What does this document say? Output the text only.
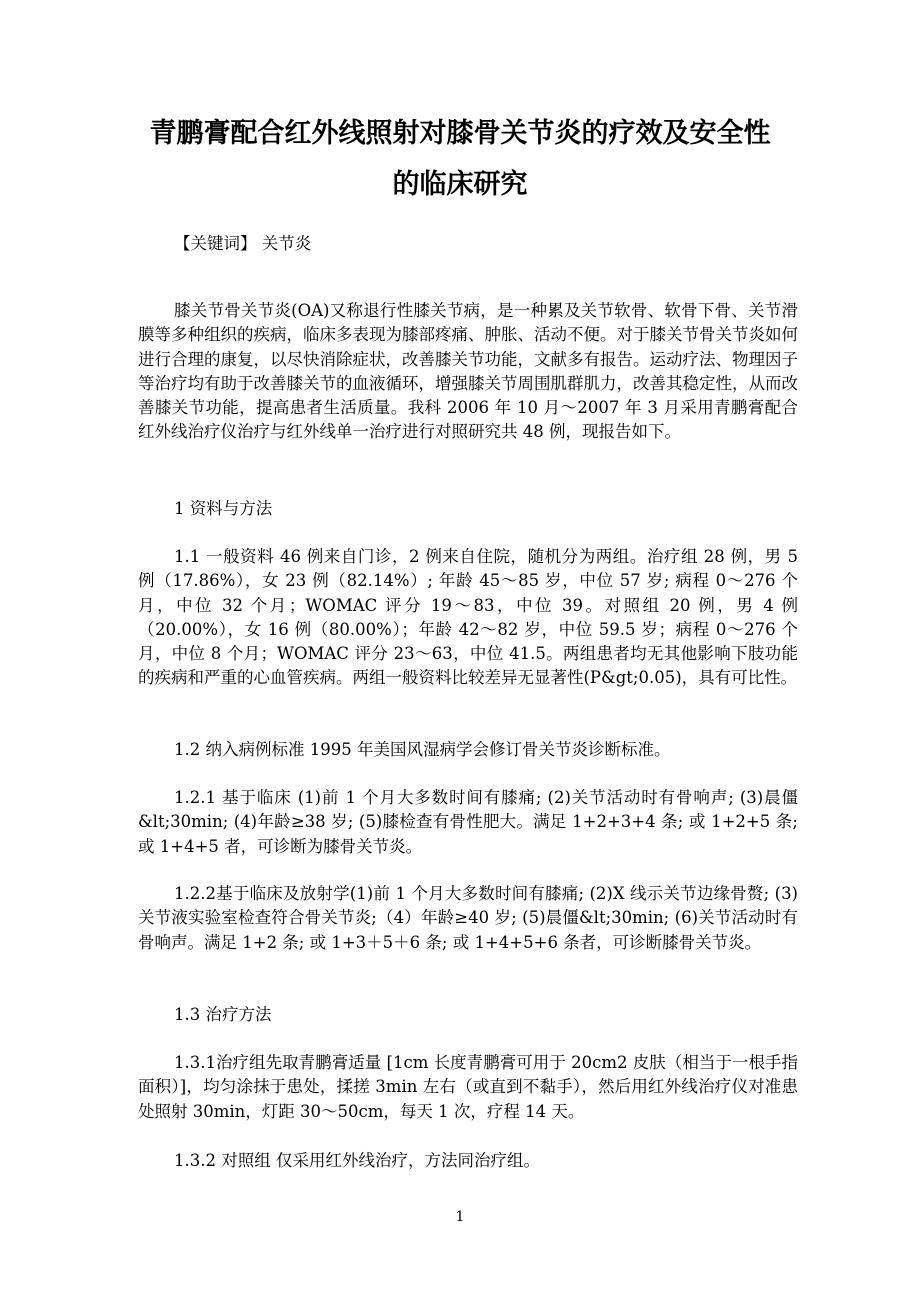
青鹏膏配合红外线照射对膝骨关节炎的疗效及安全性
的临床研究

【关键词】 关节炎

膝关节骨关节炎(OA)又称退行性膝关节病，是一种累及关节软骨、软骨下骨、关节滑膜等多种组织的疾病，临床多表现为膝部疼痛、肿胀、活动不便。对于膝关节骨关节炎如何进行合理的康复，以尽快消除症状，改善膝关节功能，文献多有报告。运动疗法、物理因子等治疗均有助于改善膝关节的血液循环，增强膝关节周围肌群肌力，改善其稳定性，从而改善膝关节功能，提高患者生活质量。我科 2006 年 10 月～2007 年 3 月采用青鹏膏配合红外线治疗仪治疗与红外线单一治疗进行对照研究共 48 例，现报告如下。

1 资料与方法

1.1 一般资料 46 例来自门诊，2 例来自住院，随机分为两组。治疗组 28 例，男 5 例（17.86%），女 23 例（82.14%）; 年龄 45～85 岁，中位 57 岁; 病程 0～276 个月，中位 32 个月；WOMAC 评分 19～83，中位 39。对照组 20 例，男 4 例（20.00%），女 16 例（80.00%）；年龄 42～82 岁，中位 59.5 岁；病程 0～276 个月，中位 8 个月；WOMAC 评分 23～63，中位 41.5。两组患者均无其他影响下肢功能的疾病和严重的心血管疾病。两组一般资料比较差异无显著性(P&gt;0.05)，具有可比性。

1.2 纳入病例标准 1995 年美国风湿病学会修订骨关节炎诊断标准。

1.2.1 基于临床 (1)前 1 个月大多数时间有膝痛; (2)关节活动时有骨响声; (3)晨僵&lt;30min; (4)年龄≥38 岁; (5)膝检查有骨性肥大。满足 1+2+3+4 条; 或 1+2+5 条; 或 1+4+5 者，可诊断为膝骨关节炎。

1.2.2基于临床及放射学(1)前 1 个月大多数时间有膝痛; (2)X 线示关节边缘骨赘; (3)关节液实验室检查符合骨关节炎;（4）年龄≥40 岁; (5)晨僵&lt;30min; (6)关节活动时有骨响声。满足 1+2 条; 或 1+3＋5＋6 条; 或 1+4+5+6 条者，可诊断膝骨关节炎。

1.3 治疗方法

1.3.1治疗组先取青鹏膏适量 [1cm 长度青鹏膏可用于 20cm2 皮肤（相当于一根手指面积）]，均匀涂抹于患处，揉搓 3min 左右（或直到不黏手），然后用红外线治疗仪对准患处照射 30min，灯距 30～50cm，每天 1 次，疗程 14 天。

1.3.2 对照组 仅采用红外线治疗，方法同治疗组。

1
